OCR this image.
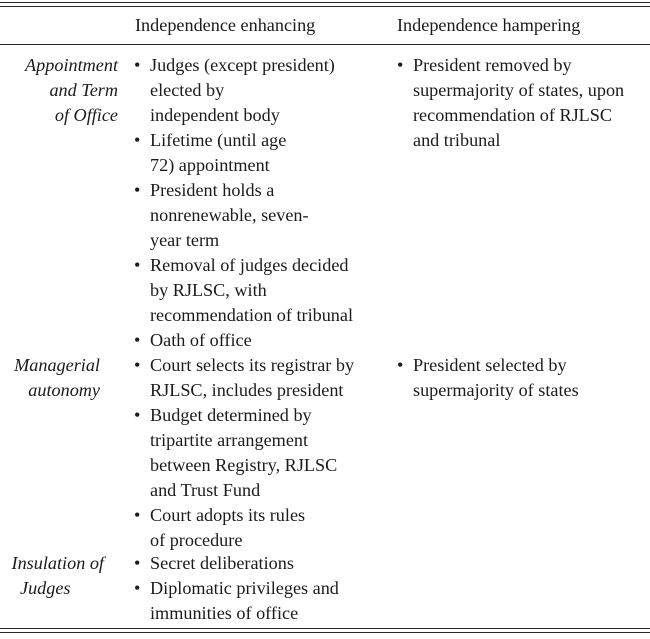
Independence enhancing	Independence hampering
Appointment
and Term
of Office
• Judges (except president)
elected by
independent body
• Lifetime (until age
72) appointment
• President holds a
nonrenewable, seven-
year term
• Removal of judges decided
by RJLSC, with
recommendation of tribunal
• Oath of office
• President removed by
supermajority of states, upon
recommendation of RJLSC
and tribunal
Managerial
autonomy
• Court selects its registrar by
RJLSC, includes president
• Budget determined by
tripartite arrangement
between Registry, RJLSC
and Trust Fund
• Court adopts its rules
of procedure
• President selected by
supermajority of states
Insulation of
Judges
• Secret deliberations
• Diplomatic privileges and
immunities of office
